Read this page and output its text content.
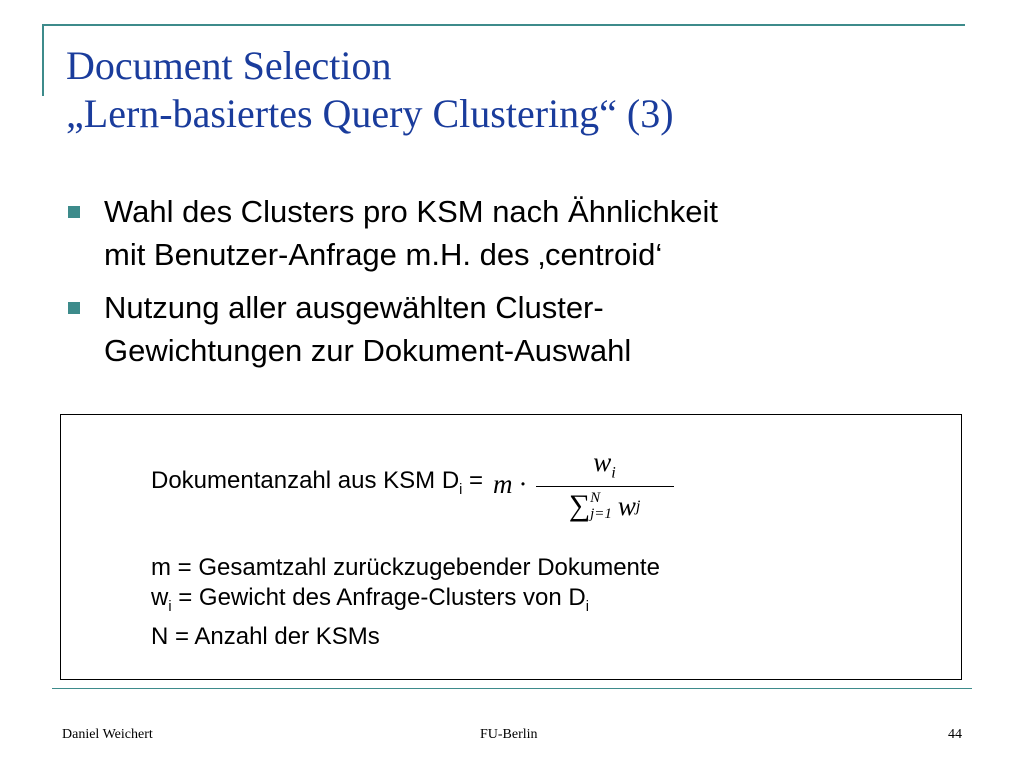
Document Selection
„Lern-basiertes Query Clustering“ (3)
Wahl des Clusters pro KSM nach Ähnlichkeit
mit Benutzer-Anfrage m.H. des ‚centroid‘
Nutzung aller ausgewählten Cluster-
Gewichtungen zur Dokument-Auswahl
Dokumentanzahl aus KSM $D_i = m$ ·
$w_i$
∑ N
j=1 w j
m = Gesamtzahl zurückzugebender Dokumente
$w_i$ = Gewicht des Anfrage-Clusters von $D_i$
N = Anzahl der KSMs
Daniel Weichert	FU-Berlin	44
